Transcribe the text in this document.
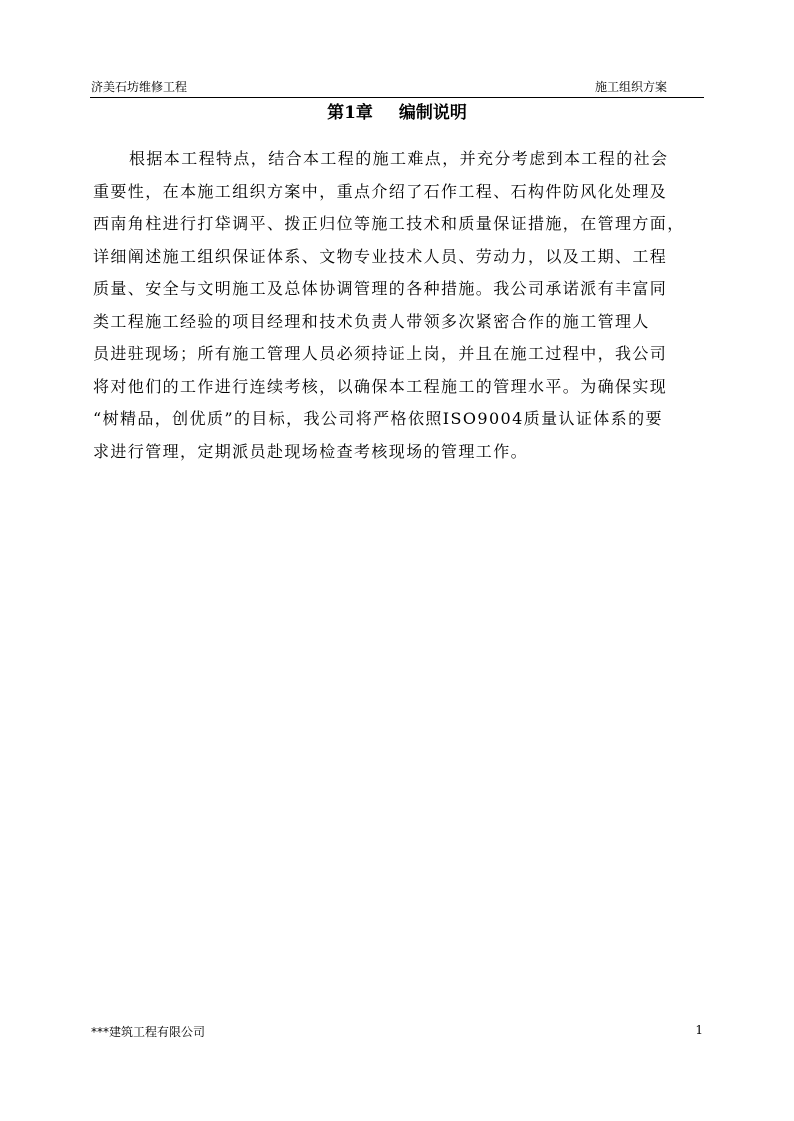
济美石坊维修工程	施工组织方案
第1章 编制说明
根据本工程特点，结合本工程的施工难点，并充分考虑到本工程的社会
重要性，在本施工组织方案中，重点介绍了石作工程、石构件防风化处理及
西南角柱进行打牮调平、拨正归位等施工技术和质量保证措施，在管理方面，
详细阐述施工组织保证体系、文物专业技术人员、劳动力，以及工期、工程
质量、安全与文明施工及总体协调管理的各种措施。我公司承诺派有丰富同
类工程施工经验的项目经理和技术负责人带领多次紧密合作的施工管理人
员进驻现场；所有施工管理人员必须持证上岗，并且在施工过程中，我公司
将对他们的工作进行连续考核，以确保本工程施工的管理水平。为确保实现
“树精品，创优质”的目标，我公司将严格依照ISO9004质量认证体系的要
求进行管理，定期派员赴现场检查考核现场的管理工作。
***建筑工程有限公司	1
